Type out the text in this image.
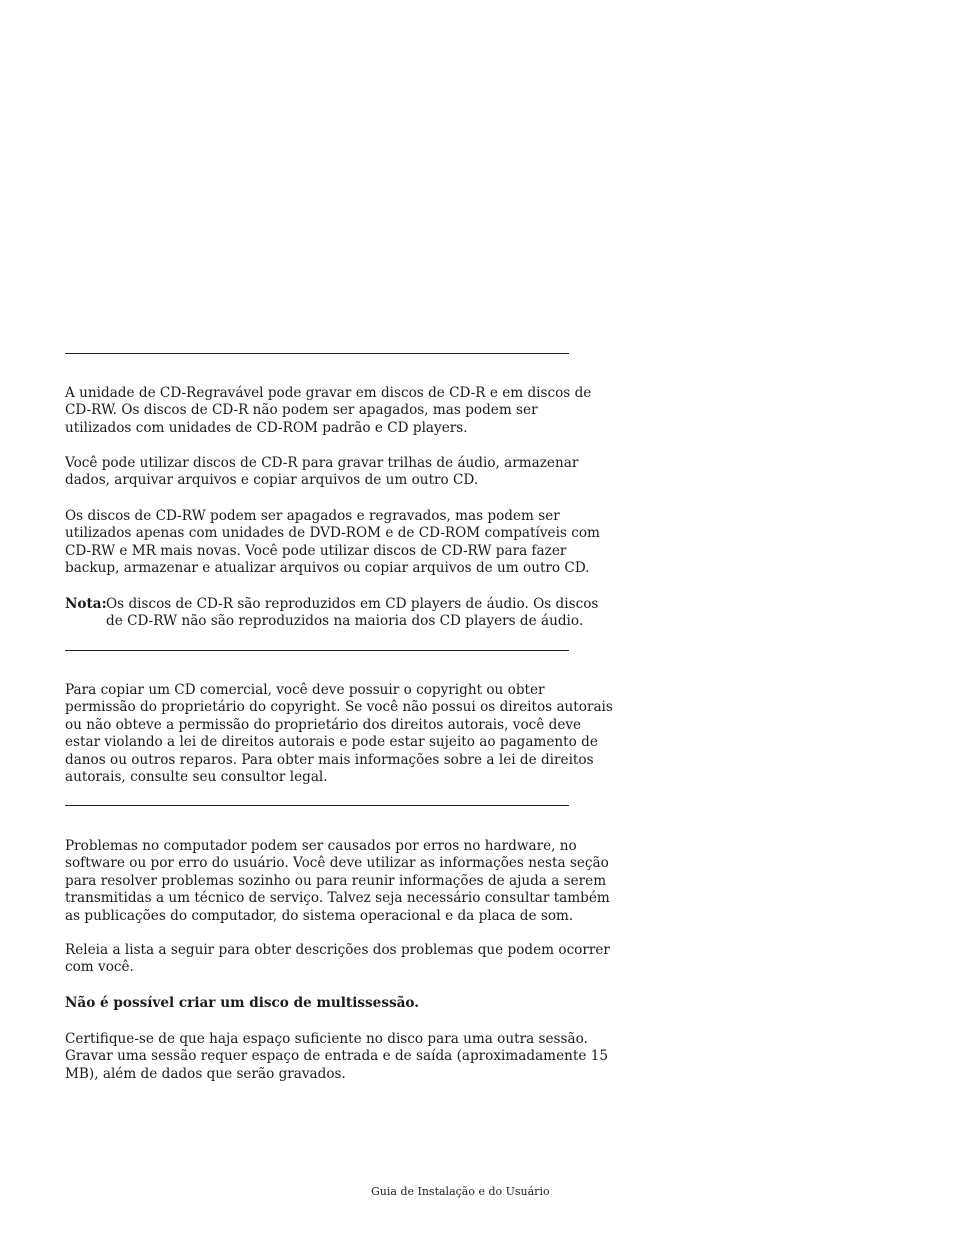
A unidade de CD-Regravável pode gravar em discos de CD-R e em discos de
CD-RW. Os discos de CD-R não podem ser apagados, mas podem ser
utilizados com unidades de CD-ROM padrão e CD players.

Você pode utilizar discos de CD-R para gravar trilhas de áudio, armazenar
dados, arquivar arquivos e copiar arquivos de um outro CD.

Os discos de CD-RW podem ser apagados e regravados, mas podem ser
utilizados apenas com unidades de DVD-ROM e de CD-ROM compatíveis com
CD-RW e MR mais novas. Você pode utilizar discos de CD-RW para fazer
backup, armazenar e atualizar arquivos ou copiar arquivos de um outro CD.

Nota: Os discos de CD-R são reproduzidos em CD players de áudio. Os discos
de CD-RW não são reproduzidos na maioria dos CD players de áudio.

Para copiar um CD comercial, você deve possuir o copyright ou obter
permissão do proprietário do copyright. Se você não possui os direitos autorais
ou não obteve a permissão do proprietário dos direitos autorais, você deve
estar violando a lei de direitos autorais e pode estar sujeito ao pagamento de
danos ou outros reparos. Para obter mais informações sobre a lei de direitos
autorais, consulte seu consultor legal.

Problemas no computador podem ser causados por erros no hardware, no
software ou por erro do usuário. Você deve utilizar as informações nesta seção
para resolver problemas sozinho ou para reunir informações de ajuda a serem
transmitidas a um técnico de serviço. Talvez seja necessário consultar também
as publicações do computador, do sistema operacional e da placa de som.

Releia a lista a seguir para obter descrições dos problemas que podem ocorrer
com você.

Não é possível criar um disco de multissessão.

Certifique-se de que haja espaço suficiente no disco para uma outra sessão.
Gravar uma sessão requer espaço de entrada e de saída (aproximadamente 15
MB), além de dados que serão gravados.

Guia de Instalação e do Usuário
